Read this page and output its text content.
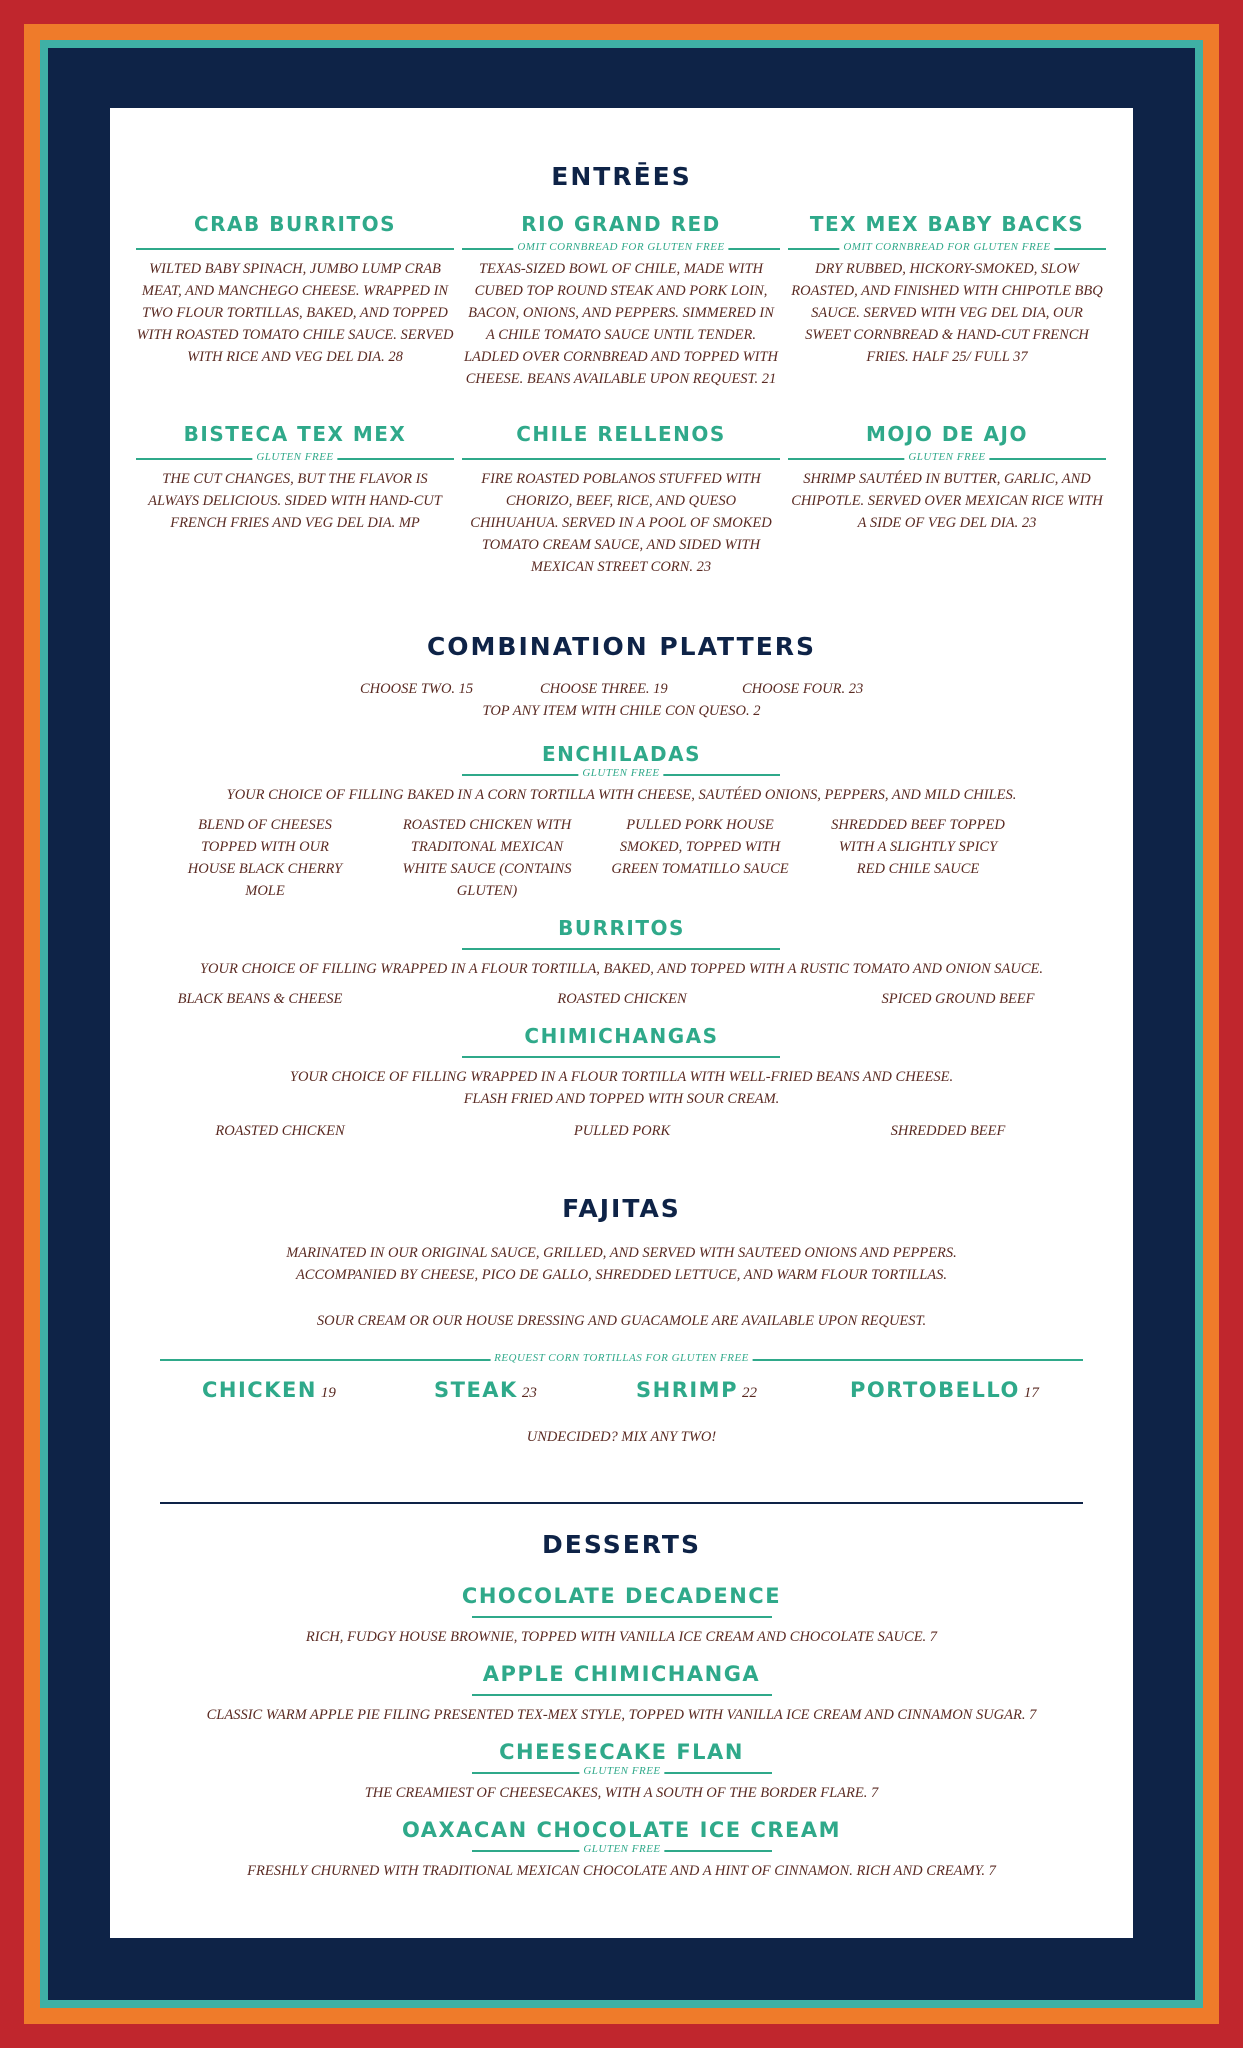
ENTRĒES
CRAB BURRITOS
WILTED BABY SPINACH, JUMBO LUMP CRAB MEAT, AND MANCHEGO CHEESE. WRAPPED IN TWO FLOUR TORTILLAS, BAKED, AND TOPPED WITH ROASTED TOMATO CHILE SAUCE. SERVED WITH RICE AND VEG DEL DIA. 28
RIO GRAND RED
OMIT CORNBREAD FOR GLUTEN FREE
TEXAS-SIZED BOWL OF CHILE, MADE WITH CUBED TOP ROUND STEAK AND PORK LOIN, BACON, ONIONS, AND PEPPERS. SIMMERED IN A CHILE TOMATO SAUCE UNTIL TENDER. LADLED OVER CORNBREAD AND TOPPED WITH CHEESE. BEANS AVAILABLE UPON REQUEST. 21
TEX MEX BABY BACKS
OMIT CORNBREAD FOR GLUTEN FREE
DRY RUBBED, HICKORY-SMOKED, SLOW ROASTED, AND FINISHED WITH CHIPOTLE BBQ SAUCE. SERVED WITH VEG DEL DIA, OUR SWEET CORNBREAD & HAND-CUT FRENCH FRIES. HALF 25/ FULL 37
BISTECA TEX MEX
GLUTEN FREE
THE CUT CHANGES, BUT THE FLAVOR IS ALWAYS DELICIOUS. SIDED WITH HAND-CUT FRENCH FRIES AND VEG DEL DIA. MP
CHILE RELLENOS
FIRE ROASTED POBLANOS STUFFED WITH CHORIZO, BEEF, RICE, AND QUESO CHIHUAHUA. SERVED IN A POOL OF SMOKED TOMATO CREAM SAUCE, AND SIDED WITH MEXICAN STREET CORN. 23
MOJO DE AJO
GLUTEN FREE
SHRIMP SAUTÉED IN BUTTER, GARLIC, AND CHIPOTLE. SERVED OVER MEXICAN RICE WITH A SIDE OF VEG DEL DIA. 23
COMBINATION PLATTERS
CHOOSE TWO. 15	CHOOSE THREE. 19	CHOOSE FOUR. 23
TOP ANY ITEM WITH CHILE CON QUESO. 2
ENCHILADAS
GLUTEN FREE
YOUR CHOICE OF FILLING BAKED IN A CORN TORTILLA WITH CHEESE, SAUTÉED ONIONS, PEPPERS, AND MILD CHILES.
BLEND OF CHEESES TOPPED WITH OUR HOUSE BLACK CHERRY MOLE
ROASTED CHICKEN WITH TRADITONAL MEXICAN WHITE SAUCE (CONTAINS GLUTEN)
PULLED PORK HOUSE SMOKED, TOPPED WITH GREEN TOMATILLO SAUCE
SHREDDED BEEF TOPPED WITH A SLIGHTLY SPICY RED CHILE SAUCE
BURRITOS
YOUR CHOICE OF FILLING WRAPPED IN A FLOUR TORTILLA, BAKED, AND TOPPED WITH A RUSTIC TOMATO AND ONION SAUCE.
BLACK BEANS & CHEESE	ROASTED CHICKEN	SPICED GROUND BEEF
CHIMICHANGAS
YOUR CHOICE OF FILLING WRAPPED IN A FLOUR TORTILLA WITH WELL-FRIED BEANS AND CHEESE.
FLASH FRIED AND TOPPED WITH SOUR CREAM.
ROASTED CHICKEN	PULLED PORK	SHREDDED BEEF
FAJITAS
MARINATED IN OUR ORIGINAL SAUCE, GRILLED, AND SERVED WITH SAUTEED ONIONS AND PEPPERS.
ACCOMPANIED BY CHEESE, PICO DE GALLO, SHREDDED LETTUCE, AND WARM FLOUR TORTILLAS.
SOUR CREAM OR OUR HOUSE DRESSING AND GUACAMOLE ARE AVAILABLE UPON REQUEST.
REQUEST CORN TORTILLAS FOR GLUTEN FREE
CHICKEN 19	STEAK 23	SHRIMP 22	PORTOBELLO 17
UNDECIDED? MIX ANY TWO!
DESSERTS
CHOCOLATE DECADENCE
RICH, FUDGY HOUSE BROWNIE, TOPPED WITH VANILLA ICE CREAM AND CHOCOLATE SAUCE. 7
APPLE CHIMICHANGA
CLASSIC WARM APPLE PIE FILING PRESENTED TEX-MEX STYLE, TOPPED WITH VANILLA ICE CREAM AND CINNAMON SUGAR. 7
CHEESECAKE FLAN
GLUTEN FREE
THE CREAMIEST OF CHEESECAKES, WITH A SOUTH OF THE BORDER FLARE. 7
OAXACAN CHOCOLATE ICE CREAM
GLUTEN FREE
FRESHLY CHURNED WITH TRADITIONAL MEXICAN CHOCOLATE AND A HINT OF CINNAMON. RICH AND CREAMY. 7
